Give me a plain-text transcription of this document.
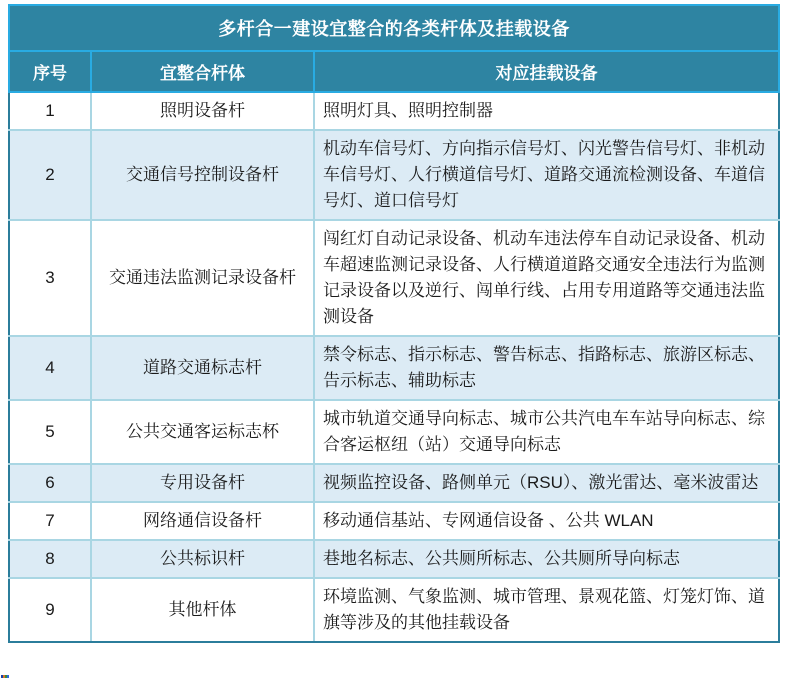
多杆合一建设宜整合的各类杆体及挂载设备		
序号	宜整合杆体	对应挂载设备
1	照明设备杆	照明灯具、照明控制器
2	交通信号控制设备杆	机动车信号灯、方向指示信号灯、闪光警告信号灯、非机动车信号灯、人行横道信号灯、道路交通流检测设备、车道信号灯、道口信号灯
3	交通违法监测记录设备杆	闯红灯自动记录设备、机动车违法停车自动记录设备、机动车超速监测记录设备、人行横道道路交通安全违法行为监测记录设备以及逆行、闯单行线、占用专用道路等交通违法监测设备
4	道路交通标志杆	禁令标志、指示标志、警告标志、指路标志、旅游区标志、告示标志、辅助标志
5	公共交通客运标志杯	城市轨道交通导向标志、城市公共汽电车车站导向标志、综合客运枢纽（站）交通导向标志
6	专用设备杆	视频监控设备、路侧单元（RSU）、激光雷达、毫米波雷达
7	网络通信设备杆	移动通信基站、专网通信设备 、公共 WLAN
8	公共标识杆	巷地名标志、公共厕所标志、公共厕所导向标志
9	其他杆体	环境监测、气象监测、城市管理、景观花篮、灯笼灯饰、道旗等涉及的其他挂载设备
